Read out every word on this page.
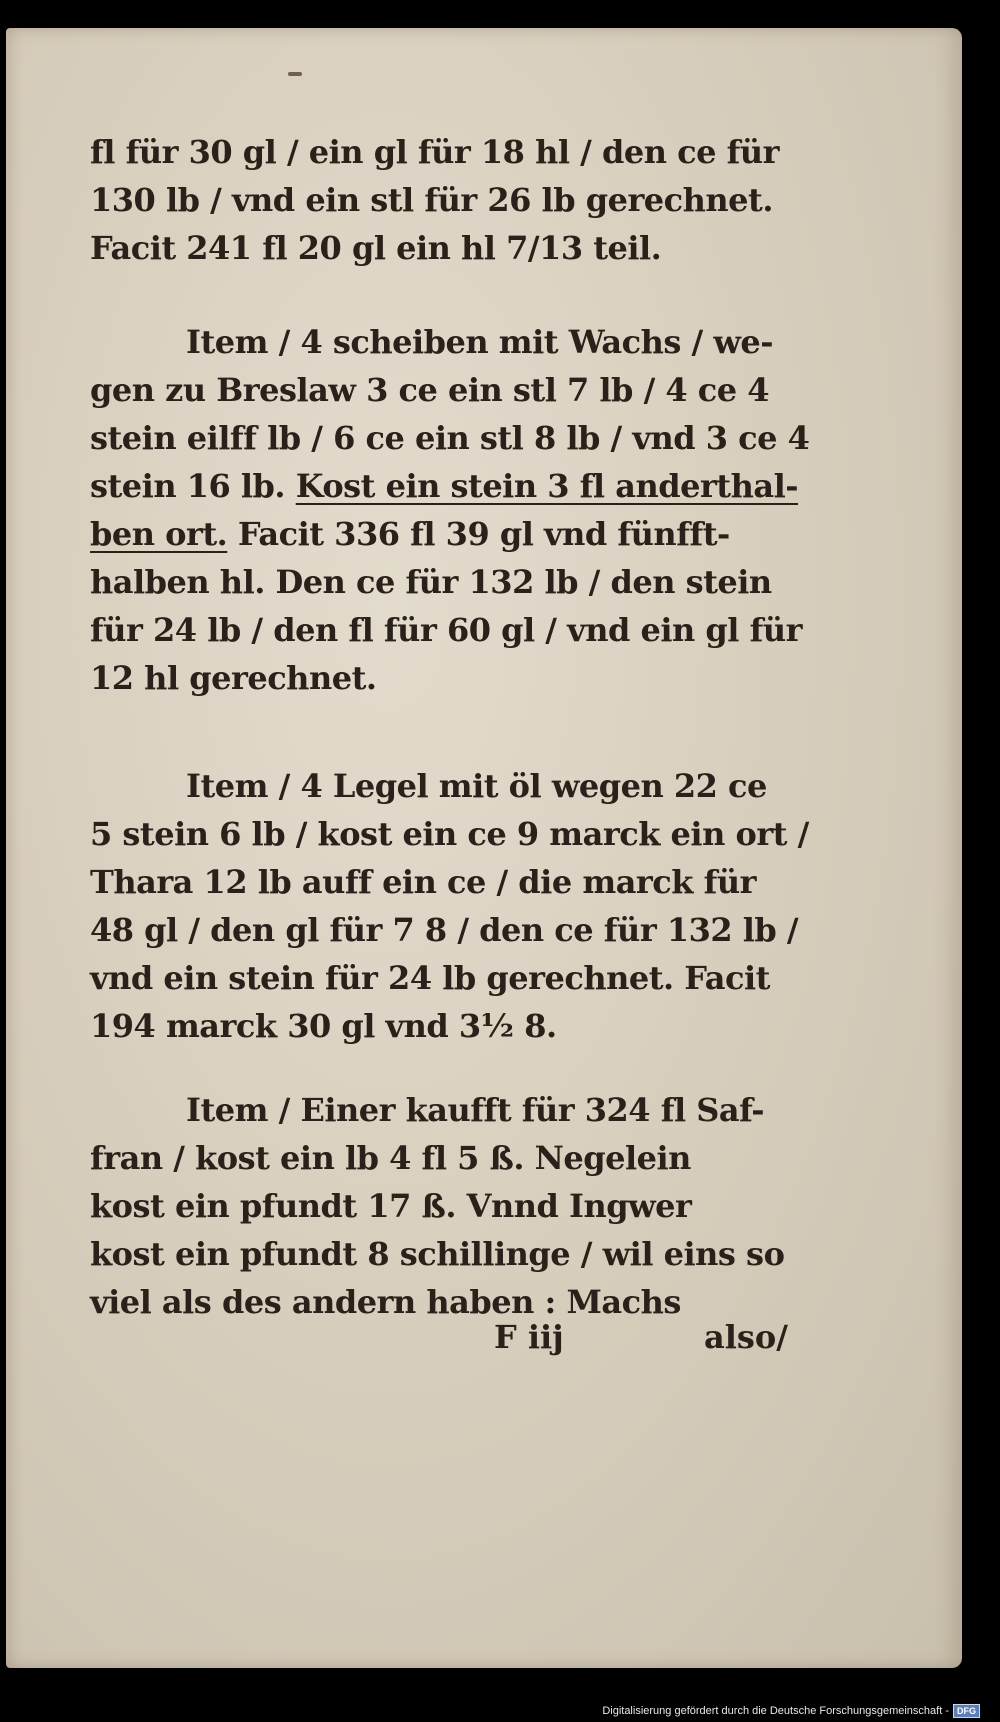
fl für 30 gl / ein gl für 18 hl / den ce für
130 lb / vnd ein stl für 26 lb gerechnet.
Facit 241 fl 20 gl ein hl 7/13 teil.
Item / 4 scheiben mit Wachs / we-
gen zu Breslaw 3 ce ein stl 7 lb / 4 ce 4
stein eilff lb / 6 ce ein stl 8 lb / vnd 3 ce 4
stein 16 lb. Kost ein stein 3 fl anderthal-
ben ort. Facit 336 fl 39 gl vnd fünfft-
halben hl. Den ce für 132 lb / den stein
für 24 lb / den fl für 60 gl / vnd ein gl für
12 hl gerechnet.
Item / 4 Legel mit öl wegen 22 ce
5 stein 6 lb / kost ein ce 9 marck ein ort /
Thara 12 lb auff ein ce / die marck für
48 gl / den gl für 7 8 / den ce für 132 lb /
vnd ein stein für 24 lb gerechnet. Facit
194 marck 30 gl vnd 3½ 8.
Item / Einer kaufft für 324 fl Saf-
fran / kost ein lb 4 fl 5 ß. Negelein
kost ein pfundt 17 ß. Vnnd Ingwer
kost ein pfundt 8 schillinge / wil eins so
viel als des andern haben : Machs
F iij	also/
Digitalisierung gefördert durch die Deutsche Forschungsgemeinschaft - DFG
